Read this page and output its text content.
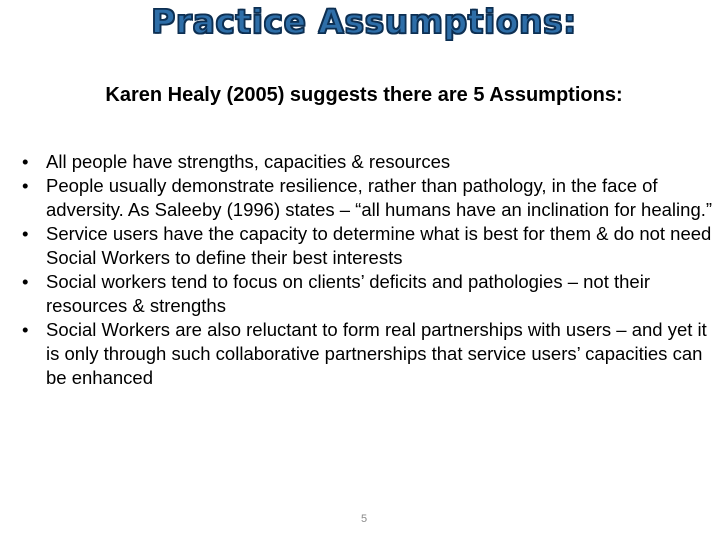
Practice Assumptions:
Karen Healy (2005) suggests there are 5 Assumptions:
• All people have strengths, capacities & resources
• People usually demonstrate resilience, rather than pathology, in the face of adversity. As Saleeby (1996) states – “all humans have an inclination for healing.”
• Service users have the capacity to determine what is best for them & do not need Social Workers to define their best interests
• Social workers tend to focus on clients’ deficits and pathologies – not their resources & strengths
• Social Workers are also reluctant to form real partnerships with users – and yet it is only through such collaborative partnerships that service users’ capacities can be enhanced
5
